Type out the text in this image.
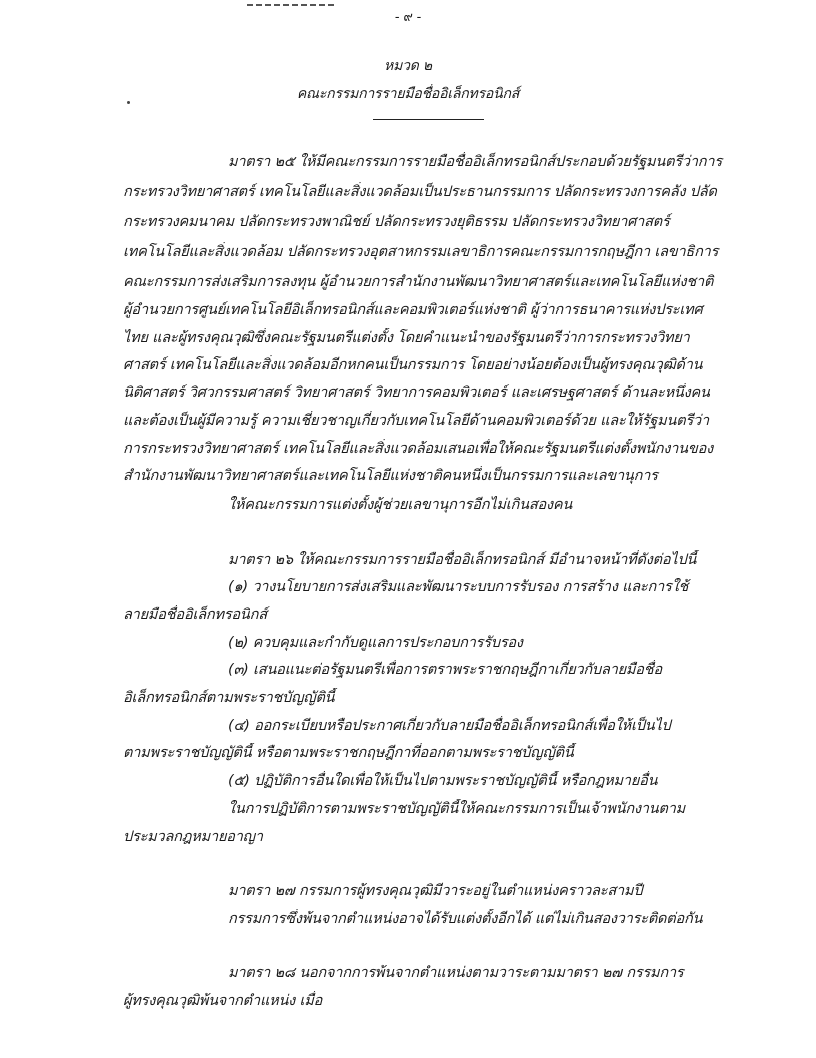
- ๙ -
หมวด ๒
คณะกรรมการรายมือชื่ออิเล็กทรอนิกส์
มาตรา ๒๕ ให้มีคณะกรรมการรายมือชื่ออิเล็กทรอนิกส์ประกอบด้วยรัฐมนตรีว่าการ
กระทรวงวิทยาศาสตร์ เทคโนโลยีและสิ่งแวดล้อมเป็นประธานกรรมการ ปลัดกระทรวงการคลัง ปลัด
กระทรวงคมนาคม ปลัดกระทรวงพาณิชย์ ปลัดกระทรวงยุติธรรม ปลัดกระทรวงวิทยาศาสตร์
เทคโนโลยีและสิ่งแวดล้อม ปลัดกระทรวงอุตสาหกรรมเลขาธิการคณะกรรมการกฤษฎีกา เลขาธิการ
คณะกรรมการส่งเสริมการลงทุน ผู้อำนวยการสำนักงานพัฒนาวิทยาศาสตร์และเทคโนโลยีแห่งชาติ
ผู้อำนวยการศูนย์เทคโนโลยีอิเล็กทรอนิกส์และคอมพิวเตอร์แห่งชาติ ผู้ว่าการธนาคารแห่งประเทศ
ไทย และผู้ทรงคุณวุฒิซึ่งคณะรัฐมนตรีแต่งตั้ง โดยคำแนะนำของรัฐมนตรีว่าการกระทรวงวิทยา
ศาสตร์ เทคโนโลยีและสิ่งแวดล้อมอีกหกคนเป็นกรรมการ โดยอย่างน้อยต้องเป็นผู้ทรงคุณวุฒิด้าน
นิติศาสตร์ วิศวกรรมศาสตร์ วิทยาศาสตร์ วิทยาการคอมพิวเตอร์ และเศรษฐศาสตร์ ด้านละหนึ่งคน
และต้องเป็นผู้มีความรู้ ความเชี่ยวชาญเกี่ยวกับเทคโนโลยีด้านคอมพิวเตอร์ด้วย และให้รัฐมนตรีว่า
การกระทรวงวิทยาศาสตร์ เทคโนโลยีและสิ่งแวดล้อมเสนอเพื่อให้คณะรัฐมนตรีแต่งตั้งพนักงานของ
สำนักงานพัฒนาวิทยาศาสตร์และเทคโนโลยีแห่งชาติคนหนึ่งเป็นกรรมการและเลขานุการ
ให้คณะกรรมการแต่งตั้งผู้ช่วยเลขานุการอีกไม่เกินสองคน
มาตรา ๒๖ ให้คณะกรรมการรายมือชื่ออิเล็กทรอนิกส์ มีอำนาจหน้าที่ดังต่อไปนี้
(๑) วางนโยบายการส่งเสริมและพัฒนาระบบการรับรอง การสร้าง และการใช้
ลายมือชื่ออิเล็กทรอนิกส์
(๒) ควบคุมและกำกับดูแลการประกอบการรับรอง
(๓) เสนอแนะต่อรัฐมนตรีเพื่อการตราพระราชกฤษฎีกาเกี่ยวกับลายมือชื่อ
อิเล็กทรอนิกส์ตามพระราชบัญญัตินี้
(๔) ออกระเบียบหรือประกาศเกี่ยวกับลายมือชื่ออิเล็กทรอนิกส์เพื่อให้เป็นไป
ตามพระราชบัญญัตินี้ หรือตามพระราชกฤษฎีกาที่ออกตามพระราชบัญญัตินี้
(๕) ปฏิบัติการอื่นใดเพื่อให้เป็นไปตามพระราชบัญญัตินี้ หรือกฎหมายอื่น
ในการปฏิบัติการตามพระราชบัญญัตินี้ให้คณะกรรมการเป็นเจ้าพนักงานตาม
ประมวลกฎหมายอาญา
มาตรา ๒๗ กรรมการผู้ทรงคุณวุฒิมีวาระอยู่ในตำแหน่งคราวละสามปี
กรรมการซึ่งพ้นจากตำแหน่งอาจได้รับแต่งตั้งอีกได้ แต่ไม่เกินสองวาระติดต่อกัน
มาตรา ๒๘ นอกจากการพ้นจากตำแหน่งตามวาระตามมาตรา ๒๗ กรรมการ
ผู้ทรงคุณวุฒิพ้นจากตำแหน่ง เมื่อ
